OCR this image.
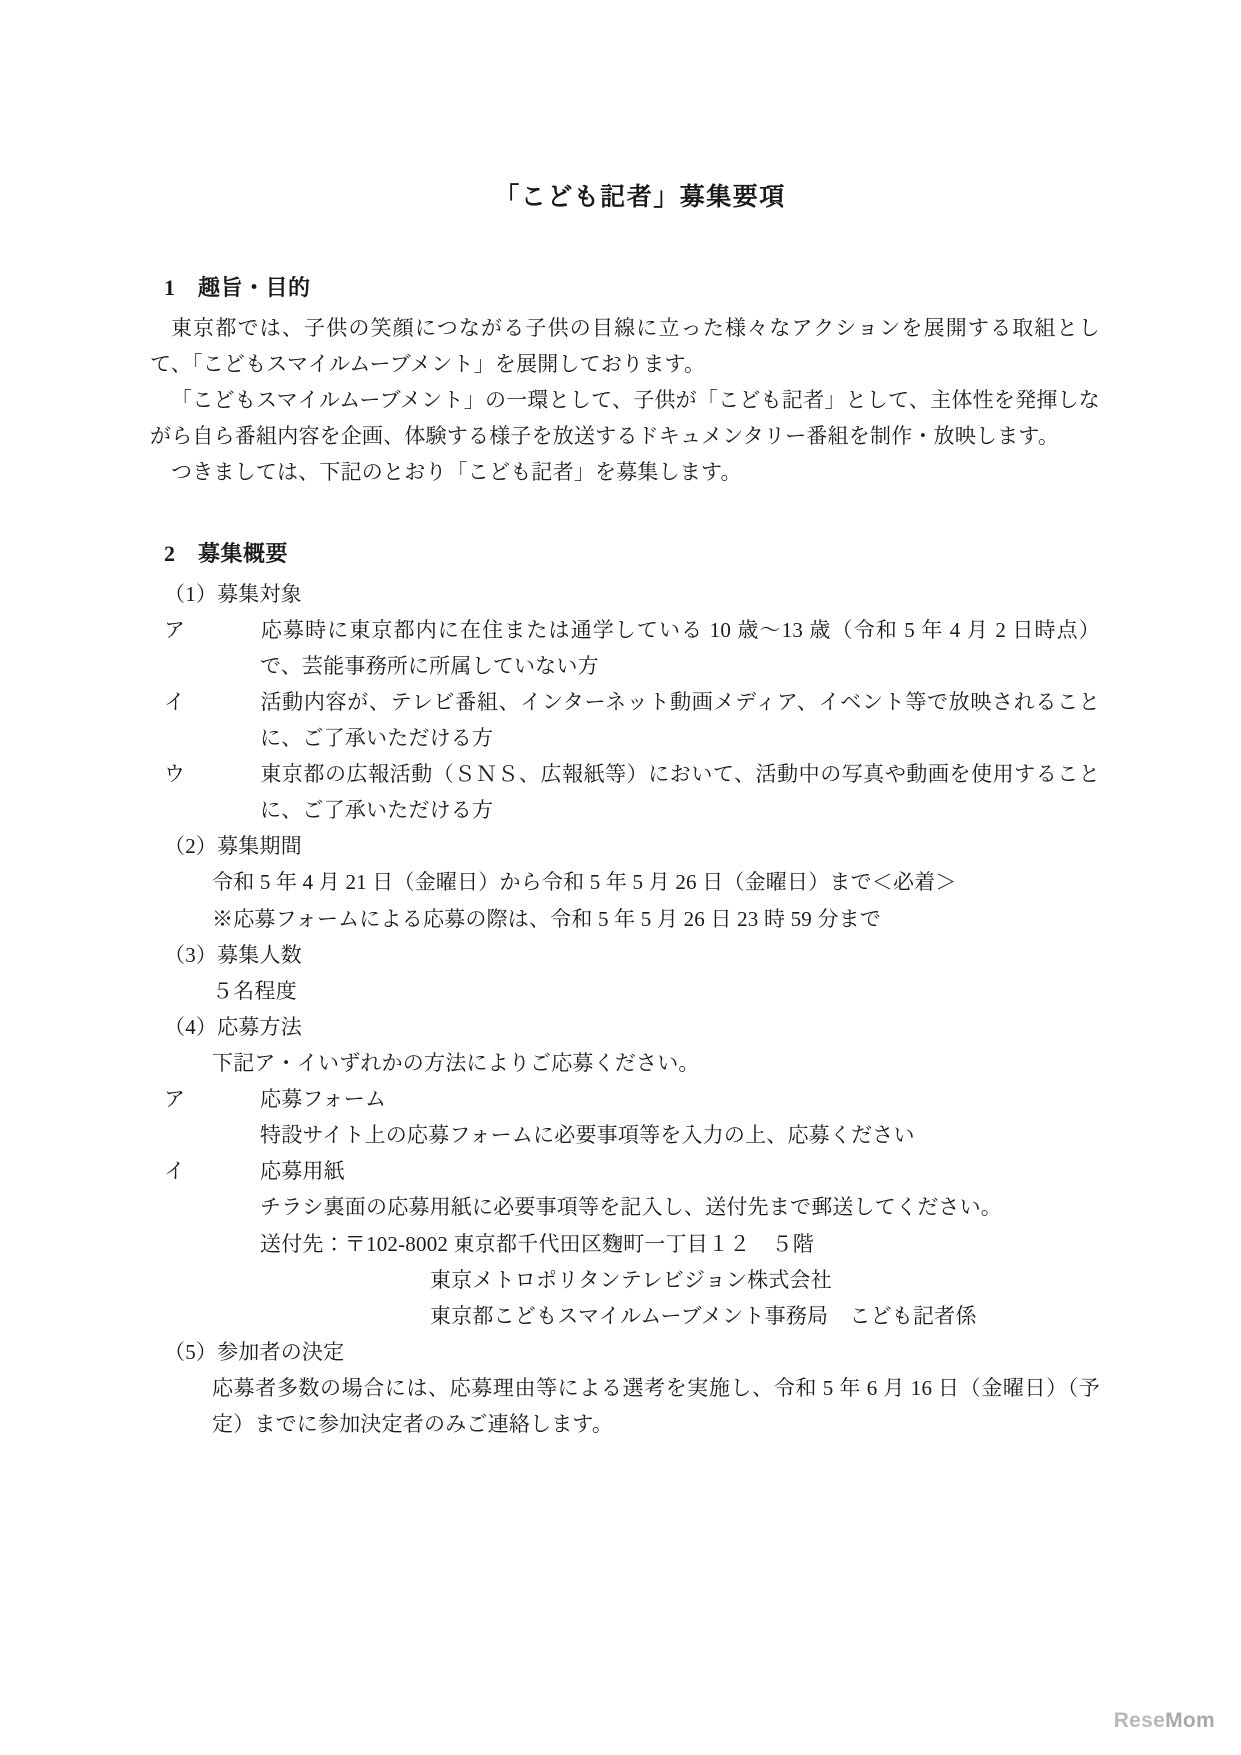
「こども記者」募集要項
1 趣旨・目的

東京都では、子供の笑顔につながる子供の目線に立った様々なアクションを展開する取組として、「こどもスマイルムーブメント」を展開しております。

「こどもスマイルムーブメント」の一環として、子供が「こども記者」として、主体性を発揮しながら自ら番組内容を企画、体験する様子を放送するドキュメンタリー番組を制作・放映します。

つきましては、下記のとおり「こども記者」を募集します。

2 募集概要
（1）募集対象

ア	応募時に東京都内に在住または通学している 10 歳～13 歳（令和 5 年 4 月 2 日時点）で、芸能事務所に所属していない方

イ	活動内容が、テレビ番組、インターネット動画メディア、イベント等で放映されることに、ご了承いただける方

ウ	東京都の広報活動（ＳＮＳ、広報紙等）において、活動中の写真や動画を使用することに、ご了承いただける方

（2）募集期間

令和 5 年 4 月 21 日（金曜日）から令和 5 年 5 月 26 日（金曜日）まで＜必着＞

※応募フォームによる応募の際は、令和 5 年 5 月 26 日 23 時 59 分まで

（3）募集人数

５名程度

（4）応募方法

下記ア・イいずれかの方法によりご応募ください。

ア	応募フォーム

特設サイト上の応募フォームに必要事項等を入力の上、応募ください

イ	応募用紙

チラシ裏面の応募用紙に必要事項等を記入し、送付先まで郵送してください。

送付先：〒102-8002 東京都千代田区麴町一丁目１２　５階

東京メトロポリタンテレビジョン株式会社

東京都こどもスマイルムーブメント事務局　こども記者係

（5）参加者の決定

応募者多数の場合には、応募理由等による選考を実施し、令和 5 年 6 月 16 日（金曜日）（予定）までに参加決定者のみご連絡します。

ReseMom
